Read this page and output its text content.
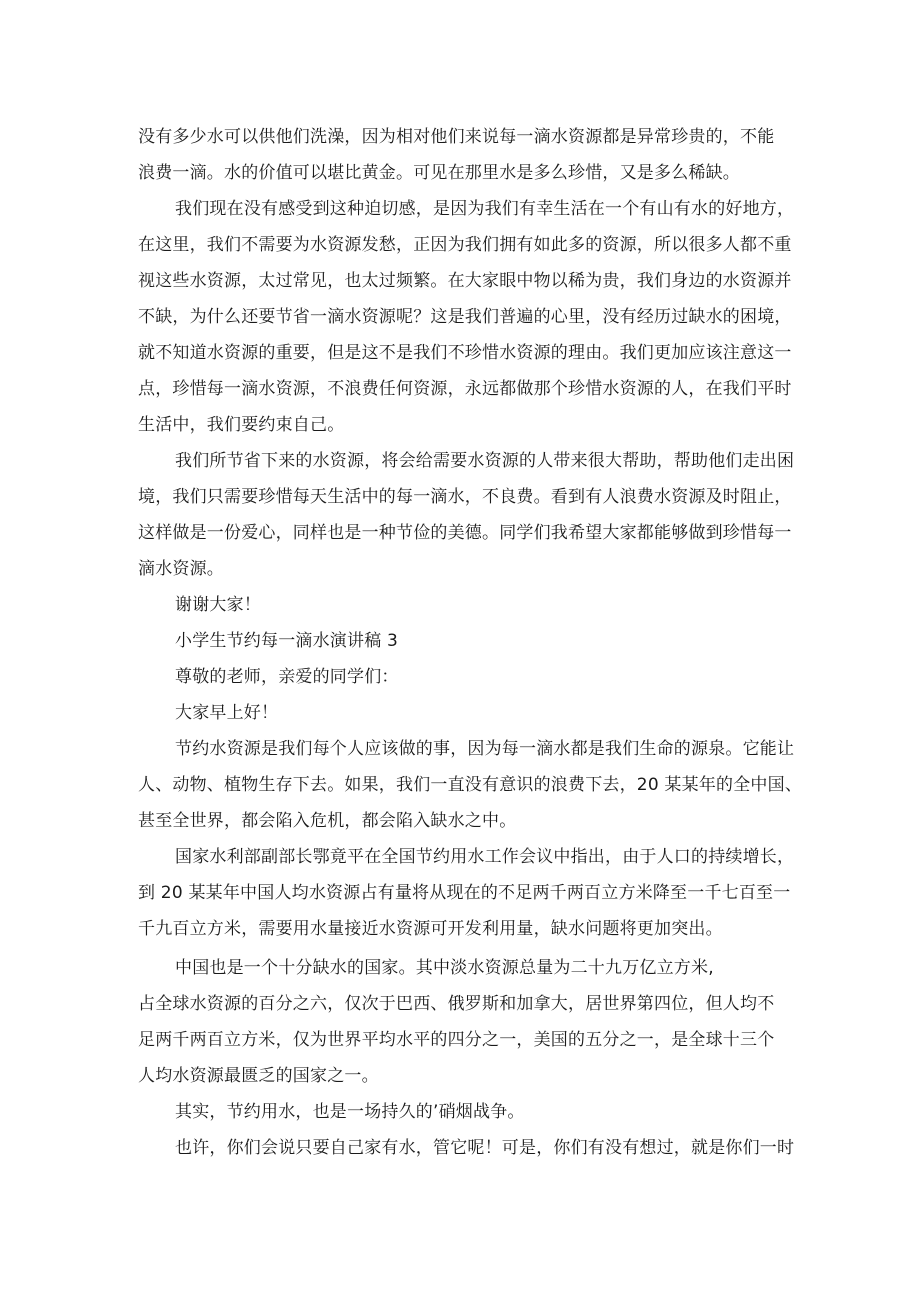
没有多少水可以供他们洗澡，因为相对他们来说每一滴水资源都是异常珍贵的，不能
浪费一滴。水的价值可以堪比黄金。可见在那里水是多么珍惜，又是多么稀缺。
我们现在没有感受到这种迫切感，是因为我们有幸生活在一个有山有水的好地方，
在这里，我们不需要为水资源发愁，正因为我们拥有如此多的资源，所以很多人都不重
视这些水资源，太过常见，也太过频繁。在大家眼中物以稀为贵，我们身边的水资源并
不缺，为什么还要节省一滴水资源呢？这是我们普遍的心里，没有经历过缺水的困境，
就不知道水资源的重要，但是这不是我们不珍惜水资源的理由。我们更加应该注意这一
点，珍惜每一滴水资源，不浪费任何资源，永远都做那个珍惜水资源的人，在我们平时
生活中，我们要约束自己。
我们所节省下来的水资源，将会给需要水资源的人带来很大帮助，帮助他们走出困
境，我们只需要珍惜每天生活中的每一滴水，不良费。看到有人浪费水资源及时阻止，
这样做是一份爱心，同样也是一种节俭的美德。同学们我希望大家都能够做到珍惜每一
滴水资源。
谢谢大家！
小学生节约每一滴水演讲稿 3
尊敬的老师，亲爱的同学们：
大家早上好！
节约水资源是我们每个人应该做的事，因为每一滴水都是我们生命的源泉。它能让
人、动物、植物生存下去。如果，我们一直没有意识的浪费下去，20 某某年的全中国、
甚至全世界，都会陷入危机，都会陷入缺水之中。
国家水利部副部长鄂竟平在全国节约用水工作会议中指出，由于人口的持续增长，
到 20 某某年中国人均水资源占有量将从现在的不足两千两百立方米降至一千七百至一
千九百立方米，需要用水量接近水资源可开发利用量，缺水问题将更加突出。
中国也是一个十分缺水的国家。其中淡水资源总量为二十九万亿立方米,
占全球水资源的百分之六，仅次于巴西、俄罗斯和加拿大，居世界第四位，但人均不
足两千两百立方米，仅为世界平均水平的四分之一，美国的五分之一，是全球十三个
人均水资源最匮乏的国家之一。
其实，节约用水，也是一场持久的’硝烟战争。
也许，你们会说只要自己家有水，管它呢！可是，你们有没有想过，就是你们一时
